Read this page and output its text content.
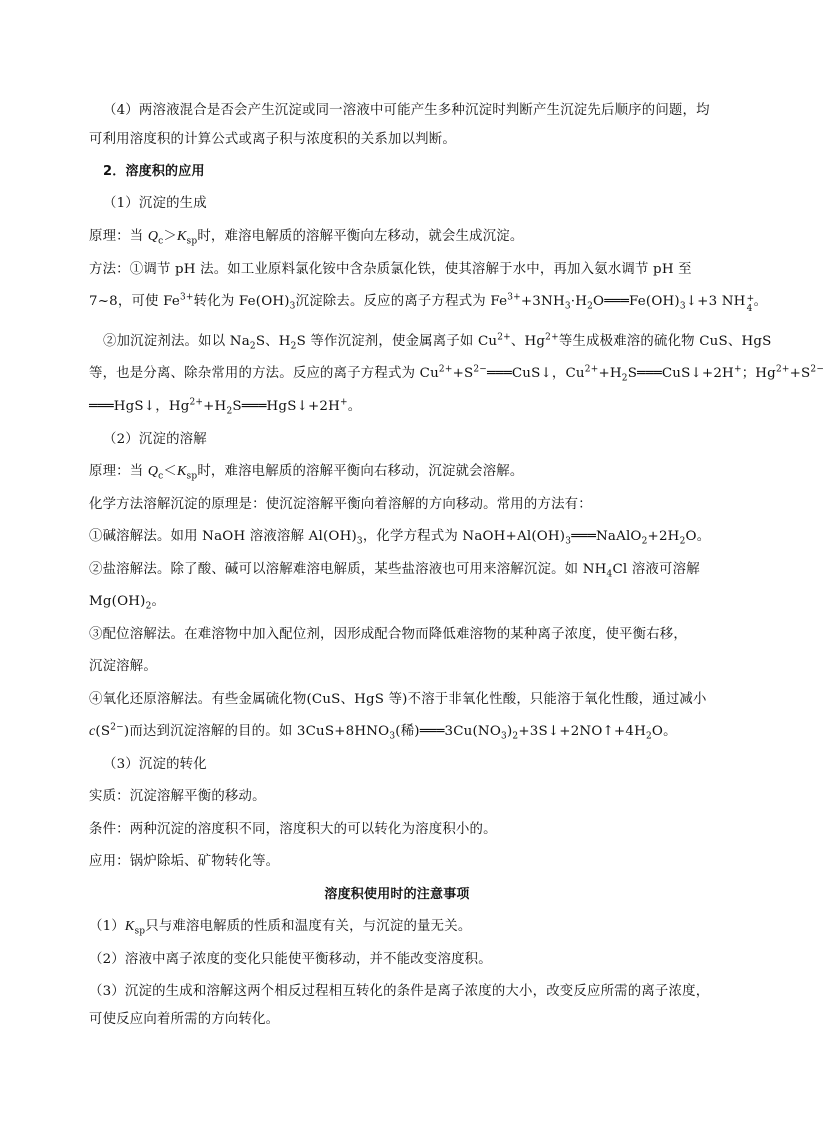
（4）两溶液混合是否会产生沉淀或同一溶液中可能产生多种沉淀时判断产生沉淀先后顺序的问题，均
可利用溶度积的计算公式或离子积与浓度积的关系加以判断。
2．溶度积的应用
（1）沉淀的生成
原理：当 $Q_c>K_{sp}$时，难溶电解质的溶解平衡向左移动，就会生成沉淀。
方法：①调节 pH 法。如工业原料氯化铵中含杂质氯化铁，使其溶解于水中，再加入氨水调节 pH 至
7~8，可使 $Fe^{3+}$转化为 $Fe(OH)_3$沉淀除去。反应的离子方程式为 $Fe^{3+}+3NH_3\cdot H_2O═══Fe(OH)_3↓+3$ NH +
4 。
②加沉淀剂法。如以 $Na_2S$、$H_2S$ 等作沉淀剂，使金属离子如 $Cu^{2+}$、$Hg^{2+}$等生成极难溶的硫化物 CuS、HgS
等，也是分离、除杂常用的方法。反应的离子方程式为 $Cu^{2+}+S^{2-}═══CuS↓$，$Cu^{2+}+H_2S═══CuS↓+2H^+$；$Hg^{2+}+S^{2-}$
═══HgS↓，$Hg^{2+}+H_2S═══HgS↓+2H^+$。
（2）沉淀的溶解
原理：当 $Q_c<K_{sp}$时，难溶电解质的溶解平衡向右移动，沉淀就会溶解。
化学方法溶解沉淀的原理是：使沉淀溶解平衡向着溶解的方向移动。常用的方法有：
①碱溶解法。如用 NaOH 溶液溶解 $Al(OH)_3$，化学方程式为 $NaOH+Al(OH)_3═══NaAlO_2+2H_2O$。
②盐溶解法。除了酸、碱可以溶解难溶电解质，某些盐溶液也可用来溶解沉淀。如 $NH_4Cl$ 溶液可溶解
$Mg(OH)_2$。
③配位溶解法。在难溶物中加入配位剂，因形成配合物而降低难溶物的某种离子浓度，使平衡右移，
沉淀溶解。
④氧化还原溶解法。有些金属硫化物(CuS、HgS 等)不溶于非氧化性酸，只能溶于氧化性酸，通过减小
$c(S^{2-})$而达到沉淀溶解的目的。如 $3CuS+8HNO_3$(稀)$═══3Cu(NO_3)_2+3S↓+2NO↑+4H_2O$。
（3）沉淀的转化
实质：沉淀溶解平衡的移动。
条件：两种沉淀的溶度积不同，溶度积大的可以转化为溶度积小的。
应用：锅炉除垢、矿物转化等。
溶度积使用时的注意事项
$(1)K_{sp}$只与难溶电解质的性质和温度有关，与沉淀的量无关。
（2）溶液中离子浓度的变化只能使平衡移动，并不能改变溶度积。
（3）沉淀的生成和溶解这两个相反过程相互转化的条件是离子浓度的大小，改变反应所需的离子浓度，
可使反应向着所需的方向转化。
